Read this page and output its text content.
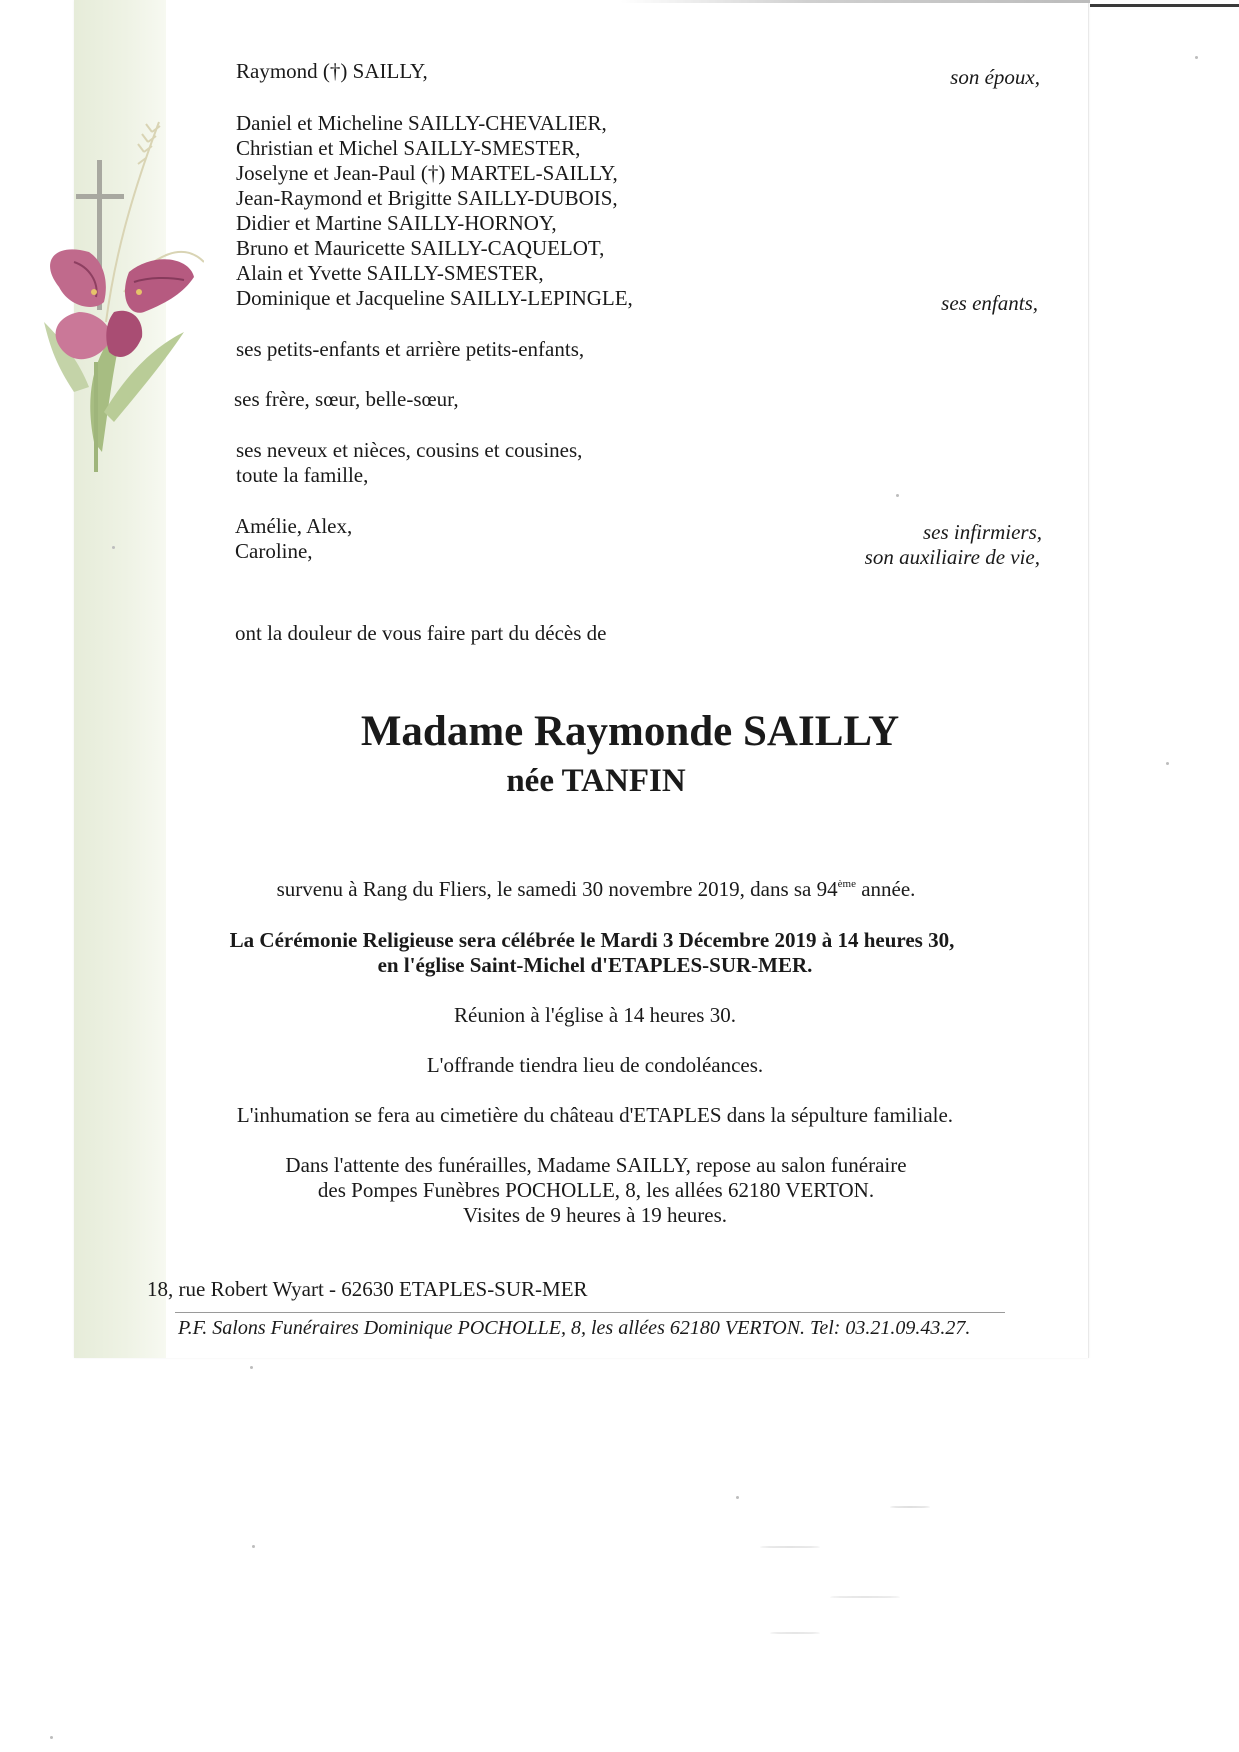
Raymond (†) SAILLY,	son époux,
Daniel et Micheline SAILLY-CHEVALIER,
Christian et Michel SAILLY-SMESTER,
Joselyne et Jean-Paul (†) MARTEL-SAILLY,
Jean-Raymond et Brigitte SAILLY-DUBOIS,
Didier et Martine SAILLY-HORNOY,
Bruno et Mauricette SAILLY-CAQUELOT,
Alain et Yvette SAILLY-SMESTER,
Dominique et Jacqueline SAILLY-LEPINGLE,	ses enfants,
ses petits-enfants et arrière petits-enfants,
ses frère, sœur, belle-sœur,
ses neveux et nièces, cousins et cousines,
toute la famille,
Amélie, Alex,
Caroline,
ses infirmiers,
son auxiliaire de vie,
ont la douleur de vous faire part du décès de
Madame Raymonde SAILLY
née TANFIN
survenu à Rang du Fliers, le samedi 30 novembre 2019, dans sa 94ème année.
La Cérémonie Religieuse sera célébrée le Mardi 3 Décembre 2019 à 14 heures 30,
en l'église Saint-Michel d'ETAPLES-SUR-MER.
Réunion à l'église à 14 heures 30.
L'offrande tiendra lieu de condoléances.
L'inhumation se fera au cimetière du château d'ETAPLES dans la sépulture familiale.
Dans l'attente des funérailles, Madame SAILLY, repose au salon funéraire
des Pompes Funèbres POCHOLLE, 8, les allées 62180 VERTON.
Visites de 9 heures à 19 heures.
18, rue Robert Wyart - 62630 ETAPLES-SUR-MER
P.F. Salons Funéraires Dominique POCHOLLE, 8, les allées 62180 VERTON. Tel: 03.21.09.43.27.
